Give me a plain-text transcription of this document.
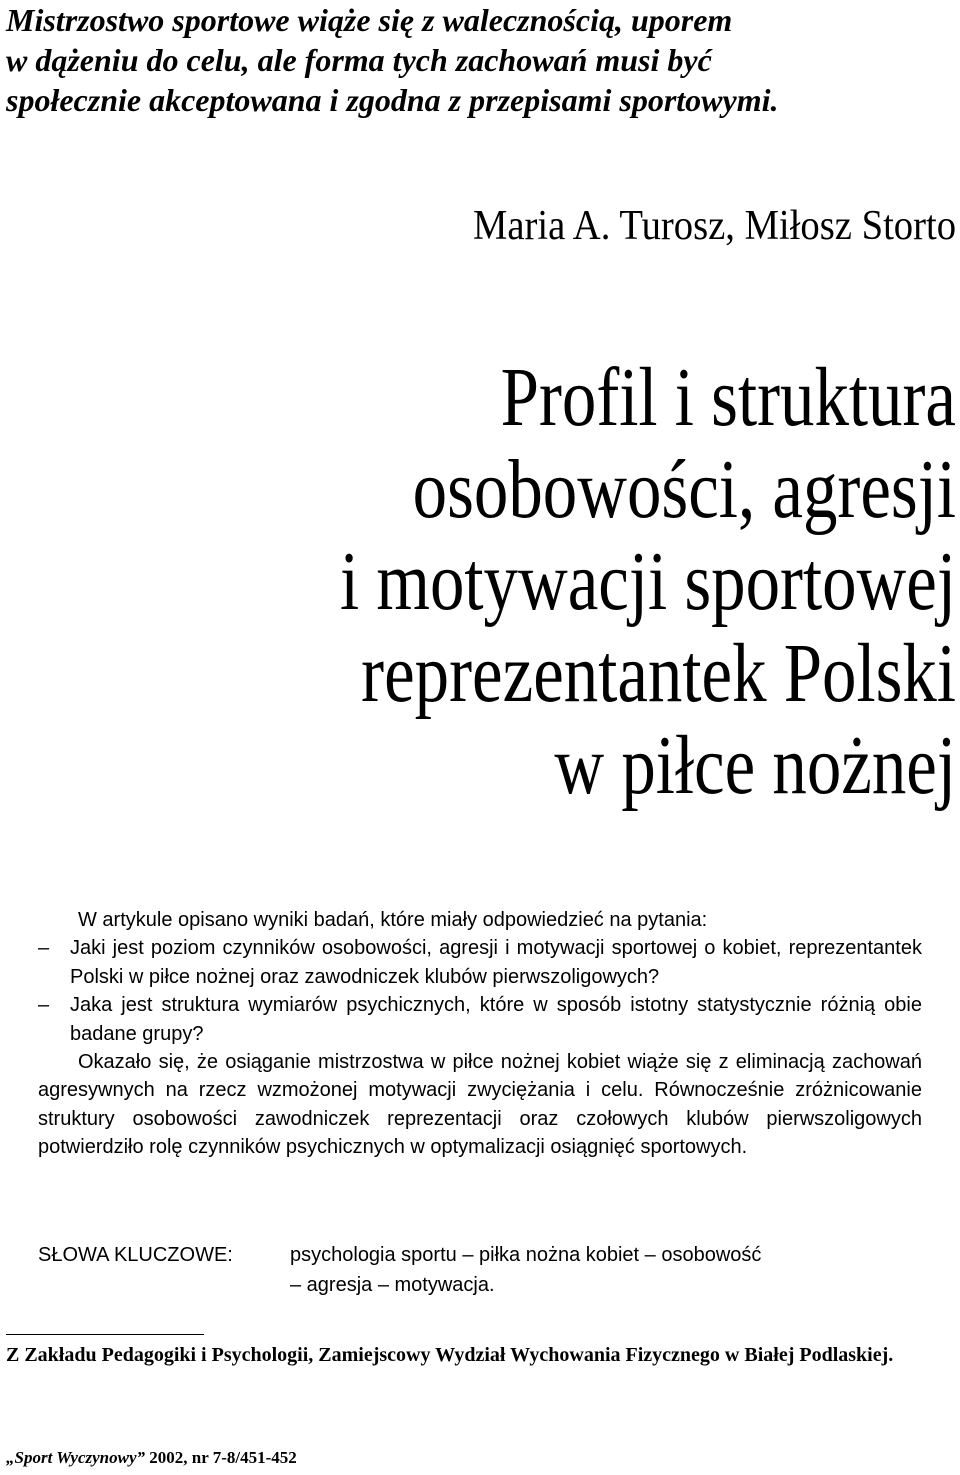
Mistrzostwo sportowe wiąże się z walecznością, uporem
w dążeniu do celu, ale forma tych zachowań musi być
społecznie akceptowana i zgodna z przepisami sportowymi.
Maria A. Turosz, Miłosz Storto
Profil i struktura
osobowości, agresji
i motywacji sportowej
reprezentantek Polski
w piłce nożnej
W artykule opisano wyniki badań, które miały odpowiedzieć na pytania:
– Jaki jest poziom czynników osobowości, agresji i motywacji sportowej o kobiet, reprezentantek Polski w piłce nożnej oraz zawodniczek klubów pierwszoligowych?
– Jaka jest struktura wymiarów psychicznych, które w sposób istotny statystycznie różnią obie badane grupy?
Okazało się, że osiąganie mistrzostwa w piłce nożnej kobiet wiąże się z eliminacją zachowań agresywnych na rzecz wzmożonej motywacji zwyciężania i celu. Równocześnie zróżnicowanie struktury osobowości zawodniczek reprezentacji oraz czołowych klubów pierwszoligowych potwierdziło rolę czynników psychicznych w optymalizacji osiągnięć sportowych.
SŁOWA KLUCZOWE:	psychologia sportu – piłka nożna kobiet – osobowość
– agresja – motywacja.
Z Zakładu Pedagogiki i Psychologii, Zamiejscowy Wydział Wychowania Fizycznego w Białej Podlaskiej.
„Sport Wyczynowy” 2002, nr 7-8/451-452
